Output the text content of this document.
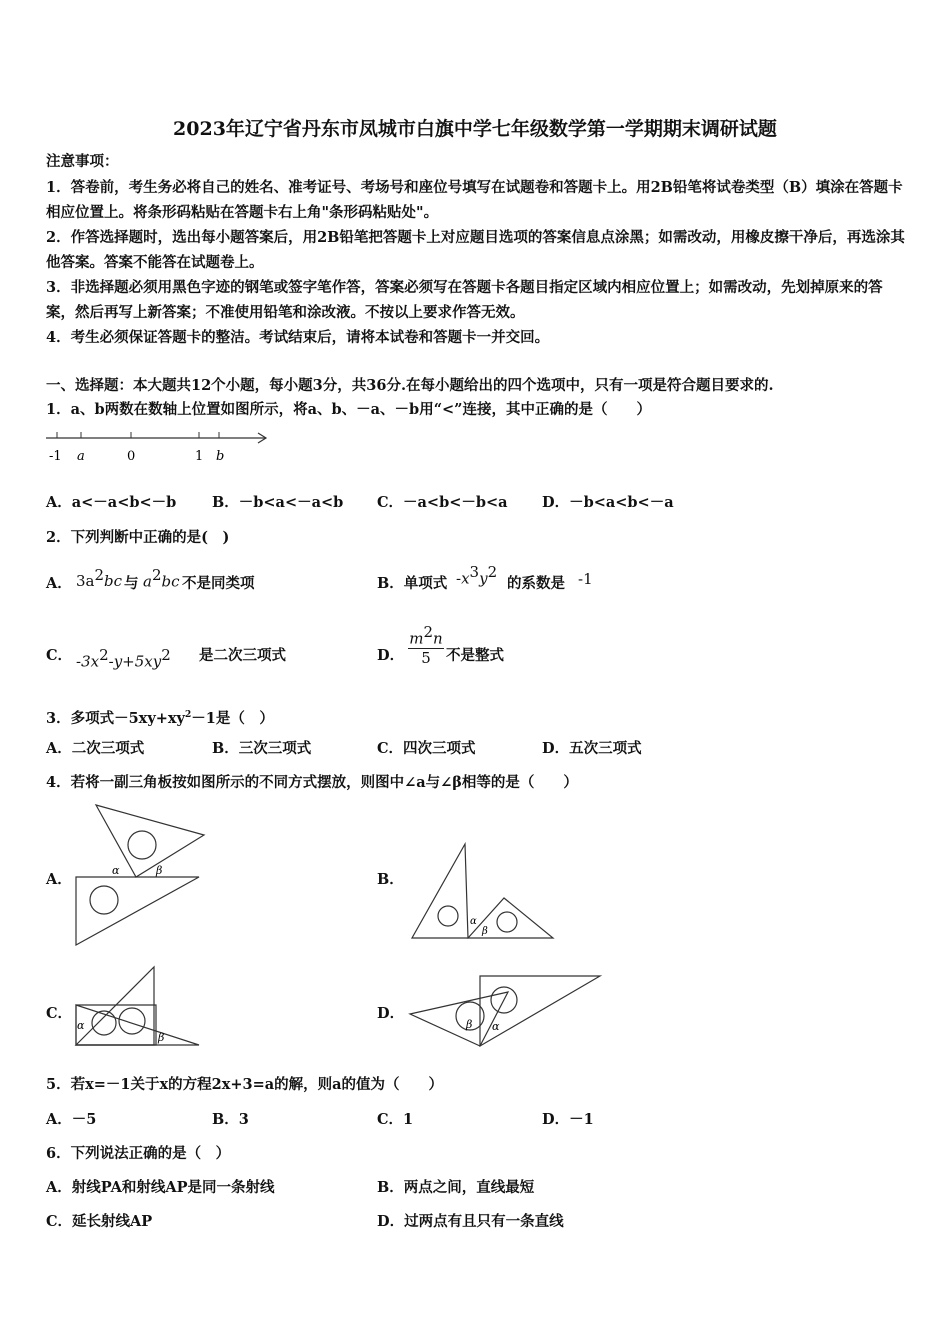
2023年辽宁省丹东市凤城市白旗中学七年级数学第一学期期末调研试题
注意事项：
1．答卷前，考生务必将自己的姓名、准考证号、考场号和座位号填写在试题卷和答题卡上。用2B铅笔将试卷类型（B）填涂在答题卡相应位置上。将条形码粘贴在答题卡右上角"条形码粘贴处"。
2．作答选择题时，选出每小题答案后，用2B铅笔把答题卡上对应题目选项的答案信息点涂黑；如需改动，用橡皮擦干净后，再选涂其他答案。答案不能答在试题卷上。
3．非选择题必须用黑色字迹的钢笔或签字笔作答，答案必须写在答题卡各题目指定区域内相应位置上；如需改动，先划掉原来的答案，然后再写上新答案；不准使用铅笔和涂改液。不按以上要求作答无效。
4．考生必须保证答题卡的整洁。考试结束后，请将本试卷和答题卡一并交回。
一、选择题：本大题共12个小题，每小题3分，共36分.在每小题给出的四个选项中，只有一项是符合题目要求的.
1．a、b两数在数轴上位置如图所示，将a、b、－a、－b用“<”连接，其中正确的是（　　）
-1 a	0	1 b
A．a<－a<b<－b B．－b<a<－a<b C．－a<b<－b<a D．－b<a<b<－a
2．下列判断中正确的是(　)
A． $3a^2bc$ 与 $a^2bc$ 不是同类项	B．单项式 $-x^3y^2$
的系数是 -1
C． $-3x^2-y+5xy^2$ 是二次三项式	D．
$m^2n$
5	不是整式
3．多项式$-5xy+xy^2-1$是（　）
A．二次三项式	B．三次三项式	C．四次三项式	D．五次三项式
4．若将一副三角板按如图所示的不同方式摆放，则图中∠a与∠β相等的是（　　）
A．
α	β
B．
α
β
C．
α
β
D．
β α
5．若x=－1关于x的方程2x+3=a的解，则a的值为（　　）
A．－5	B．3	C．1	D．－1
6．下列说法正确的是（　）
A．射线PA和射线AP是同一条射线	B．两点之间，直线最短
C．延长射线AP	D．过两点有且只有一条直线
